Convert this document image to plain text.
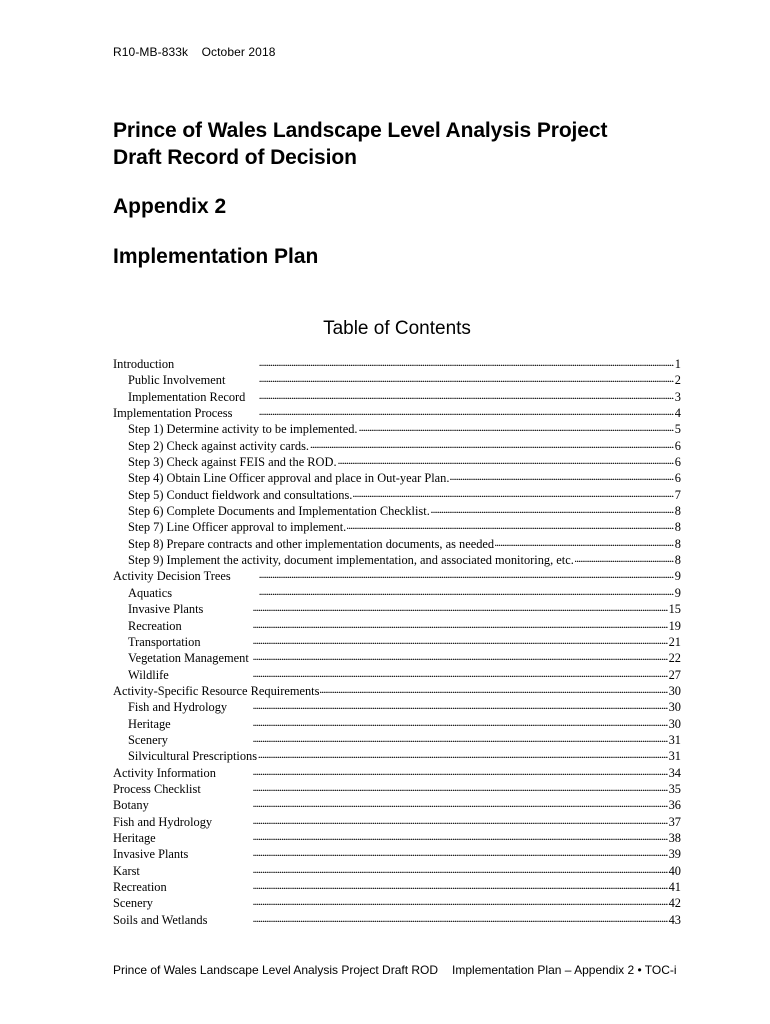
R10-MB-833k October 2018
Prince of Wales Landscape Level Analysis Project
Draft Record of Decision
Appendix 2
Implementation Plan
Table of Contents
Introduction . . .	1
Public Involvement . . .	2
Implementation Record . . .	3
Implementation Process . . .	4
Step 1) Determine activity to be implemented. . . .	5
Step 2) Check against activity cards. . . .	6
Step 3) Check against FEIS and the ROD. . . .	6
Step 4) Obtain Line Officer approval and place in Out-year Plan. . . .	6
Step 5) Conduct fieldwork and consultations. . . .	7
Step 6) Complete Documents and Implementation Checklist. . . .	8
Step 7) Line Officer approval to implement. . . .	8
Step 8) Prepare contracts and other implementation documents, as needed . . .	8
Step 9) Implement the activity, document implementation, and associated monitoring, etc. . . .	8
Activity Decision Trees . . .	9
Aquatics . . .	9
Invasive Plants . . .	15
Recreation . . .	19
Transportation . . .	21
Vegetation Management . . .	22
Wildlife . . .	27
Activity-Specific Resource Requirements . . .	30
Fish and Hydrology . . .	30
Heritage . . .	30
Scenery . . .	31
Silvicultural Prescriptions . . .	31
Activity Information . . .	34
Process Checklist . . .	35
Botany . . .	36
Fish and Hydrology . . .	37
Heritage . . .	38
Invasive Plants . . .	39
Karst . . .	40
Recreation . . .	41
Scenery . . .	42
Soils and Wetlands . . .	43
Prince of Wales Landscape Level Analysis Project Draft ROD Implementation Plan – Appendix 2 • TOC-i
